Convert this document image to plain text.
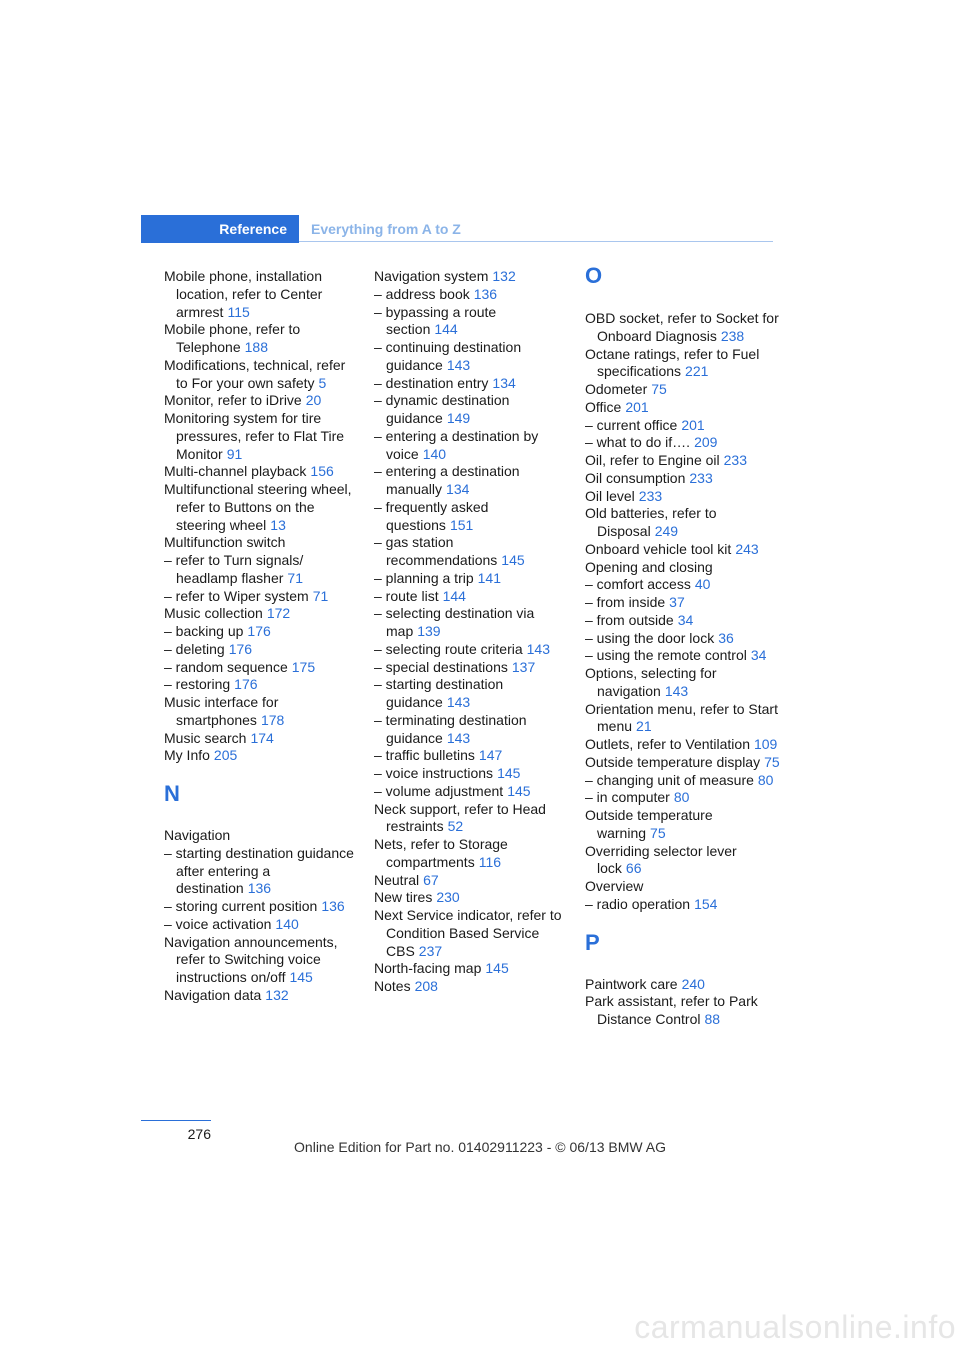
Reference	Everything from A to Z

Mobile phone, installation location, refer to Center armrest 115

Mobile phone, refer to Telephone 188

Modifications, technical, refer to For your own safety 5

Monitor, refer to iDrive 20

Monitoring system for tire pressures, refer to Flat Tire Monitor 91

Multi-channel playback 156

Multifunctional steering wheel, refer to Buttons on the steering wheel 13

Multifunction switch

– refer to Turn signals/ headlamp flasher 71

– refer to Wiper system 71

Music collection 172

– backing up 176

– deleting 176

– random sequence 175

– restoring 176

Music interface for smartphones 178

Music search 174

My Info 205

N

Navigation

– starting destination guidance after entering a destination 136

– storing current position 136

– voice activation 140

Navigation announcements, refer to Switching voice instructions on/off 145

Navigation data 132

Navigation system 132

– address book 136

– bypassing a route section 144

– continuing destination guidance 143

– destination entry 134

– dynamic destination guidance 149

– entering a destination by voice 140

– entering a destination manually 134

– frequently asked questions 151

– gas station recommendations 145

– planning a trip 141

– route list 144

– selecting destination via map 139

– selecting route criteria 143

– special destinations 137

– starting destination guidance 143

– terminating destination guidance 143

– traffic bulletins 147

– voice instructions 145

– volume adjustment 145

Neck support, refer to Head restraints 52

Nets, refer to Storage compartments 116

Neutral 67

New tires 230

Next Service indicator, refer to Condition Based Service CBS 237

North-facing map 145

Notes 208

O

OBD socket, refer to Socket for Onboard Diagnosis 238

Octane ratings, refer to Fuel specifications 221

Odometer 75

Office 201

– current office 201

– what to do if…. 209

Oil, refer to Engine oil 233

Oil consumption 233

Oil level 233

Old batteries, refer to Disposal 249

Onboard vehicle tool kit 243

Opening and closing

– comfort access 40

– from inside 37

– from outside 34

– using the door lock 36

– using the remote control 34

Options, selecting for navigation 143

Orientation menu, refer to Start menu 21

Outlets, refer to Ventilation 109

Outside temperature display 75

– changing unit of measure 80

– in computer 80

Outside temperature warning 75

Overriding selector lever lock 66

Overview

– radio operation 154

P

Paintwork care 240

Park assistant, refer to Park Distance Control 88

276
Online Edition for Part no. 01402911223 - © 06/13 BMW AG
carmanualsonline.info
